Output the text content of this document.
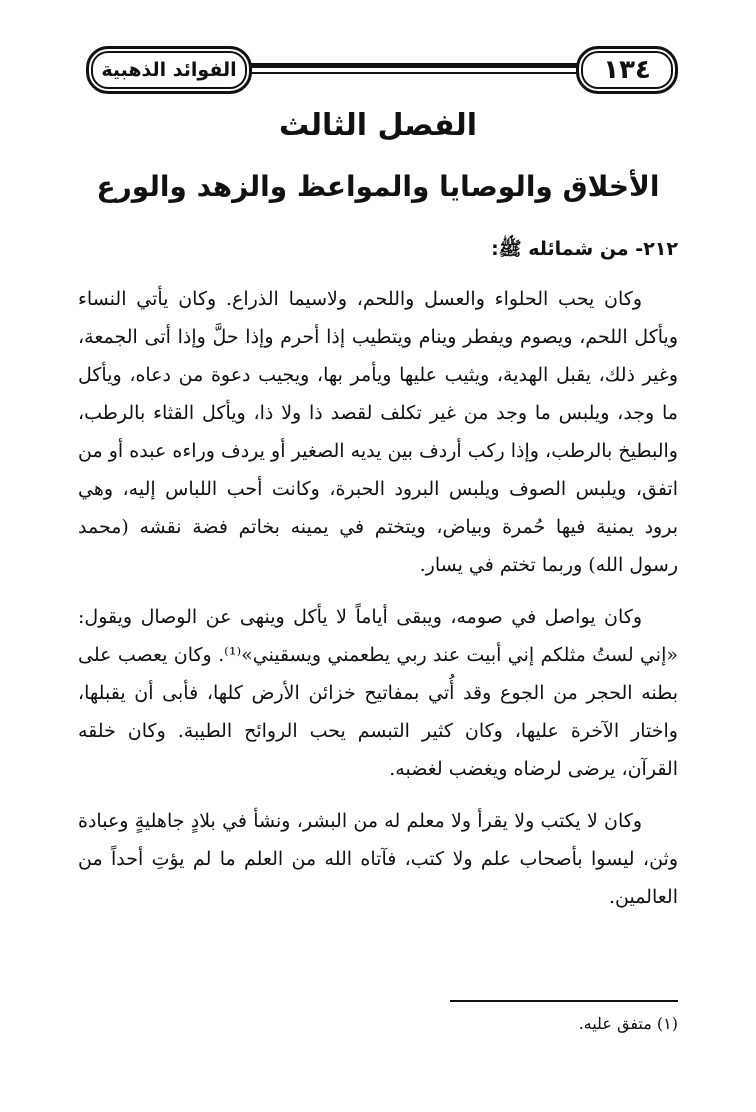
١٣٤
الفوائد الذهبية
الفصل الثالث
الأخلاق والوصايا والمواعظ والزهد والورع
٢١٢- من شمائله ﷺ:

وكان يحب الحلواء والعسل واللحم، ولاسيما الذراع. وكان يأتي النساء ويأكل اللحم، ويصوم ويفطر وينام ويتطيب إذا أحرم وإذا حلَّ وإذا أتى الجمعة، وغير ذلك، يقبل الهدية، ويثيب عليها ويأمر بها، ويجيب دعوة من دعاه، ويأكل ما وجد، ويلبس ما وجد من غير تكلف لقصد ذا ولا ذا، ويأكل القثاء بالرطب، والبطيخ بالرطب، وإذا ركب أردف بين يديه الصغير أو يردف وراءه عبده أو من اتفق، ويلبس الصوف ويلبس البرود الحبرة، وكانت أحب اللباس إليه، وهي برود يمنية فيها حُمرة وبياض، ويتختم في يمينه بخاتم فضة نقشه (محمد رسول الله) وربما تختم في يسار.

وكان يواصل في صومه، ويبقى أياماً لا يأكل وينهى عن الوصال ويقول: «إني لستُ مثلكم إني أبيت عند ربي يطعمني ويسقيني»⁽¹⁾. وكان يعصب على بطنه الحجر من الجوع وقد أُتي بمفاتيح خزائن الأرض كلها، فأبى أن يقبلها، واختار الآخرة عليها، وكان كثير التبسم يحب الروائح الطيبة. وكان خلقه القرآن، يرضى لرضاه ويغضب لغضبه.

وكان لا يكتب ولا يقرأ ولا معلم له من البشر، ونشأ في بلادٍ جاهليةٍ وعبادة وثن، ليسوا بأصحاب علم ولا كتب، فآتاه الله من العلم ما لم يؤتِ أحداً من العالمين.

(١) متفق عليه.
